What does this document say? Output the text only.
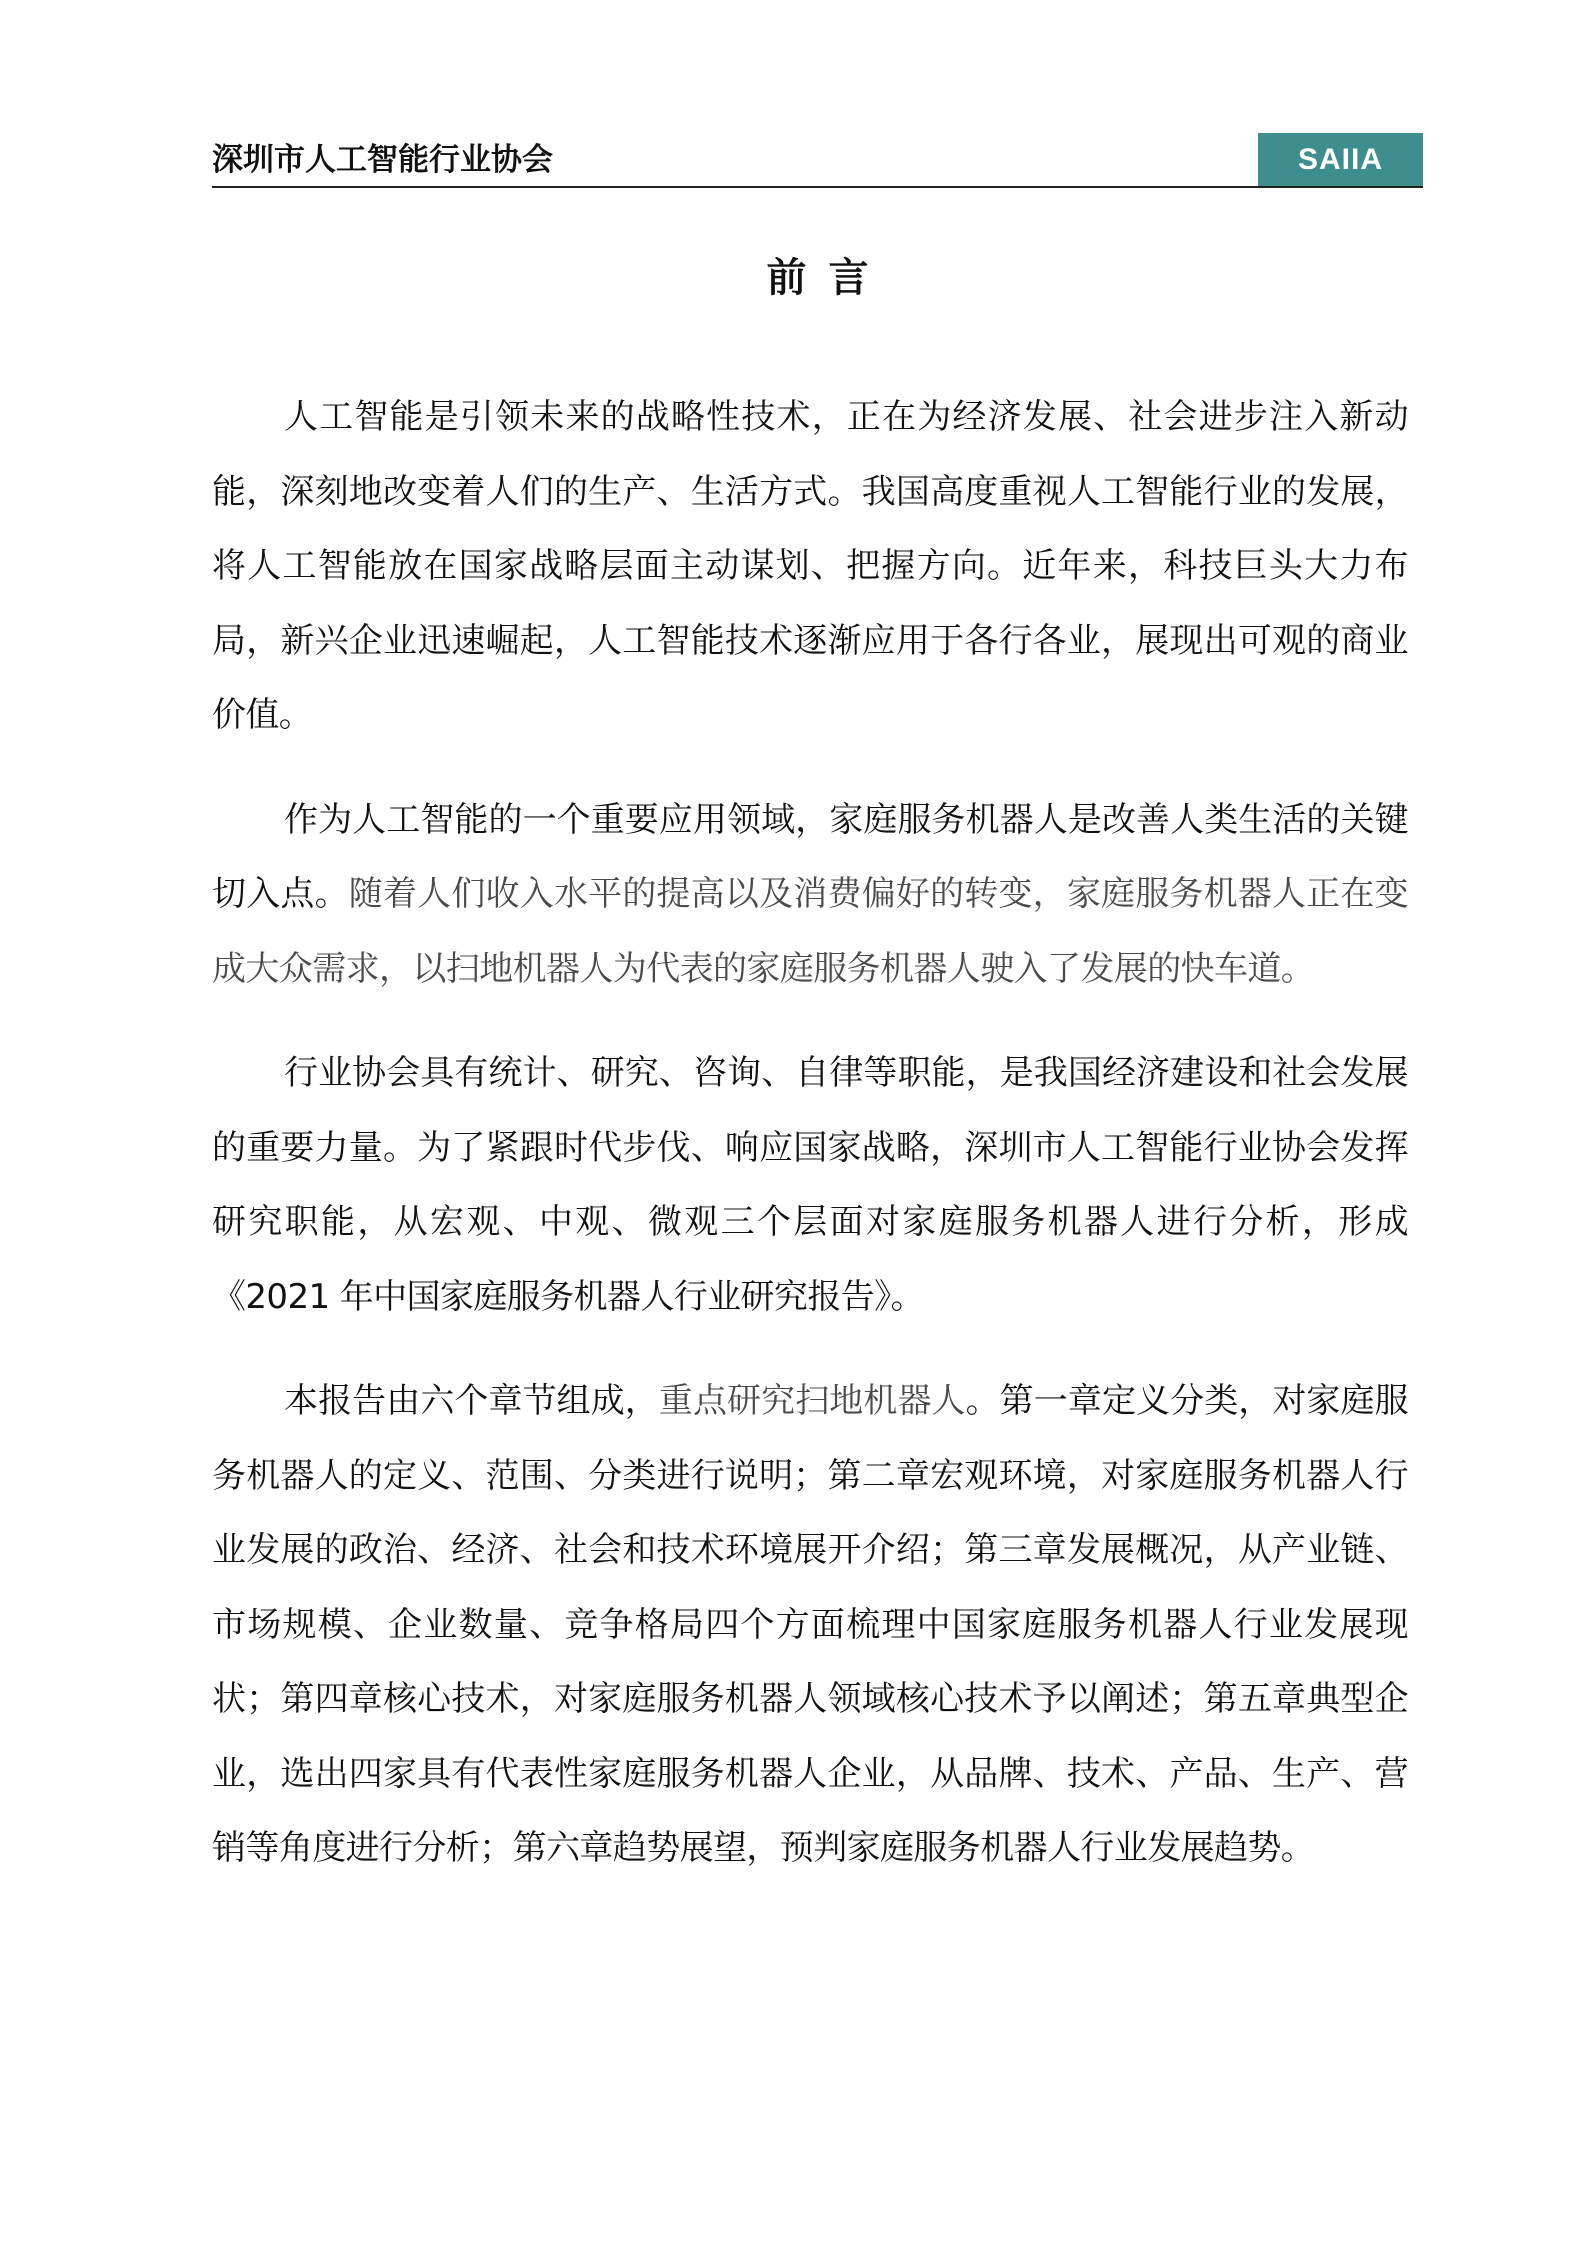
深圳市人工智能行业协会	SAIIA
前言

人工智能是引领未来的战略性技术，正在为经济发展、社会进步注入新动能，深刻地改变着人们的生产、生活方式。我国高度重视人工智能行业的发展，将人工智能放在国家战略层面主动谋划、把握方向。近年来，科技巨头大力布局，新兴企业迅速崛起，人工智能技术逐渐应用于各行各业，展现出可观的商业价值。

作为人工智能的一个重要应用领域，家庭服务机器人是改善人类生活的关键切入点。随着人们收入水平的提高以及消费偏好的转变，家庭服务机器人正在变成大众需求，以扫地机器人为代表的家庭服务机器人驶入了发展的快车道。

行业协会具有统计、研究、咨询、自律等职能，是我国经济建设和社会发展的重要力量。为了紧跟时代步伐、响应国家战略，深圳市人工智能行业协会发挥研究职能，从宏观、中观、微观三个层面对家庭服务机器人进行分析，形成《2021 年中国家庭服务机器人行业研究报告》。

本报告由六个章节组成，重点研究扫地机器人。第一章定义分类，对家庭服务机器人的定义、范围、分类进行说明；第二章宏观环境，对家庭服务机器人行业发展的政治、经济、社会和技术环境展开介绍；第三章发展概况，从产业链、市场规模、企业数量、竞争格局四个方面梳理中国家庭服务机器人行业发展现状；第四章核心技术，对家庭服务机器人领域核心技术予以阐述；第五章典型企业，选出四家具有代表性家庭服务机器人企业，从品牌、技术、产品、生产、营销等角度进行分析；第六章趋势展望，预判家庭服务机器人行业发展趋势。
